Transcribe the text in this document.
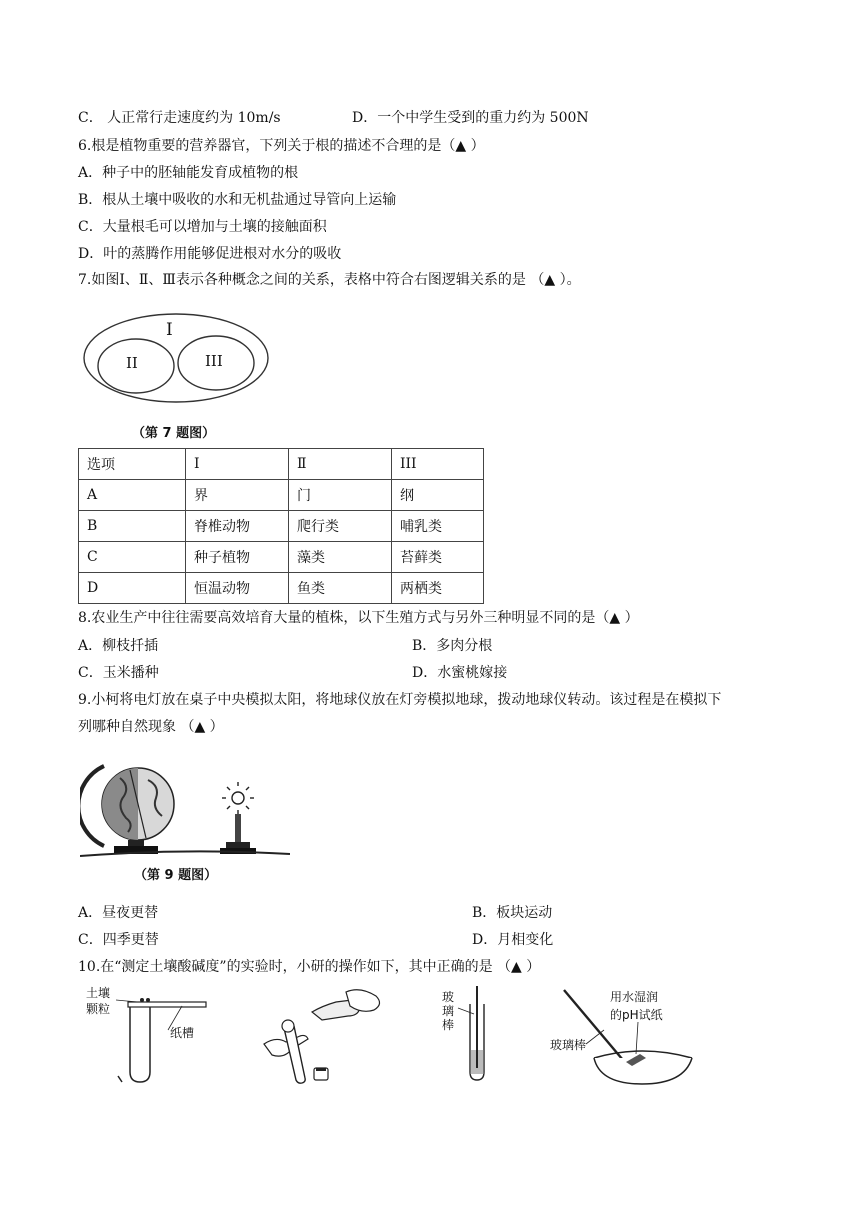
C． 人正常行走速度约为 10m/s	D．一个中学生受到的重力约为 500N
6.根是植物重要的营养器官，下列关于根的描述不合理的是（▲ ）
A．种子中的胚轴能发育成植物的根
B．根从土壤中吸收的水和无机盐通过导管向上运输
C．大量根毛可以增加与土壤的接触面积
D．叶的蒸腾作用能够促进根对水分的吸收
7.如图Ⅰ、Ⅱ、Ⅲ表示各种概念之间的关系，表格中符合右图逻辑关系的是 （▲ ）。
I
II	III
（第 7 题图）
选项	I	Ⅱ	III
A	界	门	纲
B	脊椎动物	爬行类	哺乳类
C	种子植物	藻类	苔藓类
D	恒温动物	鱼类	两栖类
8.农业生产中往往需要高效培育大量的植株，以下生殖方式与另外三种明显不同的是（▲ ）
A．柳枝扦插	B．多肉分根
C．玉米播种	D．水蜜桃嫁接
9.小柯将电灯放在桌子中央模拟太阳，将地球仪放在灯旁模拟地球，拨动地球仪转动。该过程是在模拟下
列哪种自然现象 （▲ ）
（第 9 题图）
A．昼夜更替	B．板块运动
C．四季更替	D．月相变化
10.在“测定土壤酸碱度”的实验时，小研的操作如下，其中正确的是 （▲ ）
土壤
颗粒
纸槽
玻
璃
棒
用水湿润
的pH试纸
玻璃棒
